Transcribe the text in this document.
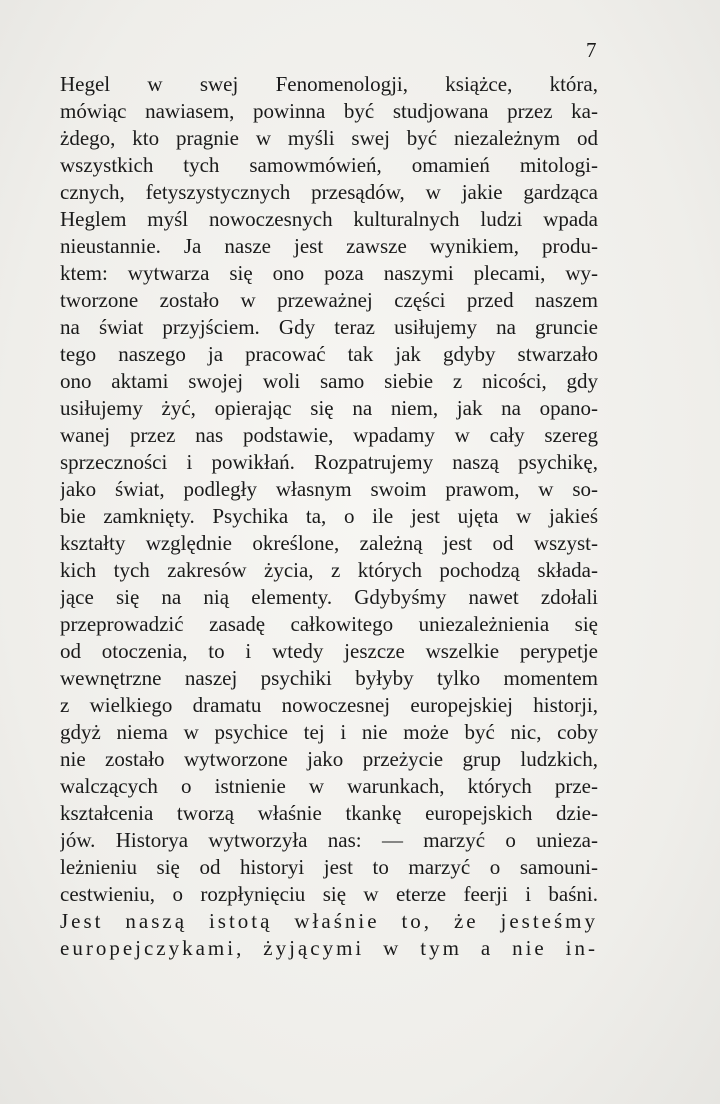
7
Hegel w swej Fenomenologji, książce, która,
mówiąc nawiasem, powinna być studjowana przez ka-
żdego, kto pragnie w myśli swej być niezależnym od
wszystkich tych samowmówień, omamień mitologi-
cznych, fetyszystycznych przesądów, w jakie gardząca
Heglem myśl nowoczesnych kulturalnych ludzi wpada
nieustannie. Ja nasze jest zawsze wynikiem, produ-
ktem: wytwarza się ono poza naszymi plecami, wy-
tworzone zostało w przeważnej części przed naszem
na świat przyjściem. Gdy teraz usiłujemy na gruncie
tego naszego ja pracować tak jak gdyby stwarzało
ono aktami swojej woli samo siebie z nicości, gdy
usiłujemy żyć, opierając się na niem, jak na opano-
wanej przez nas podstawie, wpadamy w cały szereg
sprzeczności i powikłań. Rozpatrujemy naszą psychikę,
jako świat, podległy własnym swoim prawom, w so-
bie zamknięty. Psychika ta, o ile jest ujęta w jakieś
kształty względnie określone, zależną jest od wszyst-
kich tych zakresów życia, z których pochodzą składa-
jące się na nią elementy. Gdybyśmy nawet zdołali
przeprowadzić zasadę całkowitego uniezależnienia się
od otoczenia, to i wtedy jeszcze wszelkie perypetje
wewnętrzne naszej psychiki byłyby tylko momentem
z wielkiego dramatu nowoczesnej europejskiej historji,
gdyż niema w psychice tej i nie może być nic, coby
nie zostało wytworzone jako przeżycie grup ludzkich,
walczących o istnienie w warunkach, których prze-
kształcenia tworzą właśnie tkankę europejskich dzie-
jów. Historya wytworzyła nas: — marzyć o unieza-
leżnieniu się od historyi jest to marzyć o samouni-
cestwieniu, o rozpłynięciu się w eterze feerji i baśni.
Jest naszą istotą właśnie to, że jesteśmy
europejczykami, żyjącymi w tym a nie in-
